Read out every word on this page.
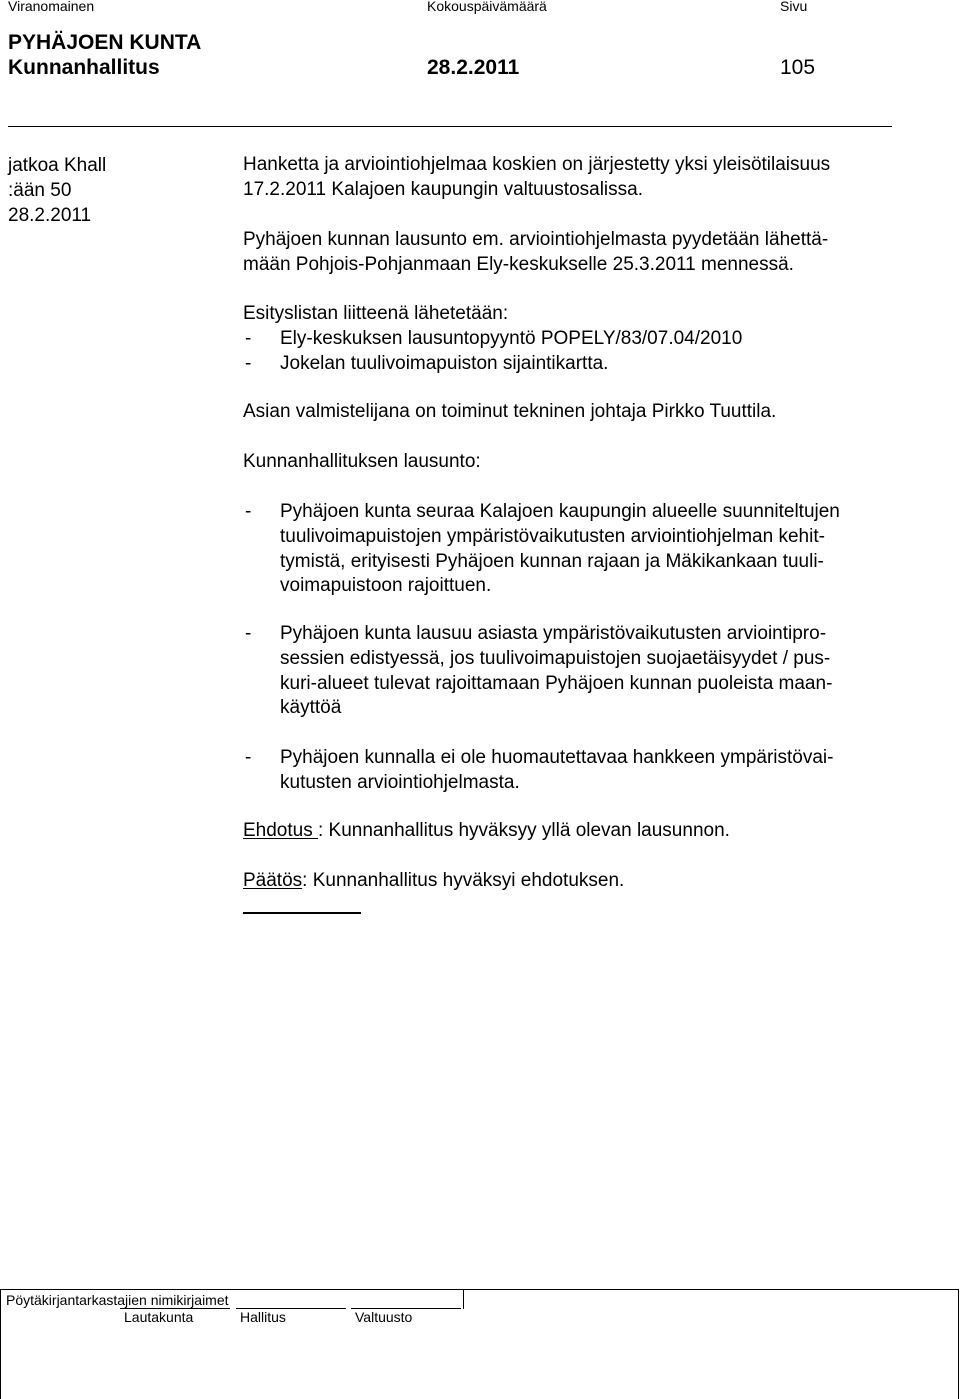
Viranomainen	Kokouspäivämäärä	Sivu
PYHÄJOEN KUNTA
Kunnanhallitus	28.2.2011	105
jatkoa Khall
:ään 50
28.2.2011
Hanketta ja arviointiohjelmaa koskien on järjestetty yksi yleisötilaisuus
17.2.2011 Kalajoen kaupungin valtuustosalissa.
Pyhäjoen kunnan lausunto em. arviointiohjelmasta pyydetään lähettä-
mään Pohjois-Pohjanmaan Ely-keskukselle 25.3.2011 mennessä.
Esityslistan liitteenä lähetetään:
- Ely-keskuksen lausuntopyyntö POPELY/83/07.04/2010
- Jokelan tuulivoimapuiston sijaintikartta.
Asian valmistelijana on toiminut tekninen johtaja Pirkko Tuuttila.
Kunnanhallituksen lausunto:
- Pyhäjoen kunta seuraa Kalajoen kaupungin alueelle suunniteltujen
tuulivoimapuistojen ympäristövaikutusten arviointiohjelman kehit-
tymistä, erityisesti Pyhäjoen kunnan rajaan ja Mäkikankaan tuuli-
voimapuistoon rajoittuen.
- Pyhäjoen kunta lausuu asiasta ympäristövaikutusten arviointipro-
sessien edistyessä, jos tuulivoimapuistojen suojaetäisyydet / pus-
kuri-alueet tulevat rajoittamaan Pyhäjoen kunnan puoleista maan-
käyttöä
- Pyhäjoen kunnalla ei ole huomautettavaa hankkeen ympäristövai-
kutusten arviointiohjelmasta.
Ehdotus : Kunnanhallitus hyväksyy yllä olevan lausunnon.
Päätös: Kunnanhallitus hyväksyi ehdotuksen.
Pöytäkirjantarkastajien nimikirjaimet
Lautakunta	Hallitus	Valtuusto
